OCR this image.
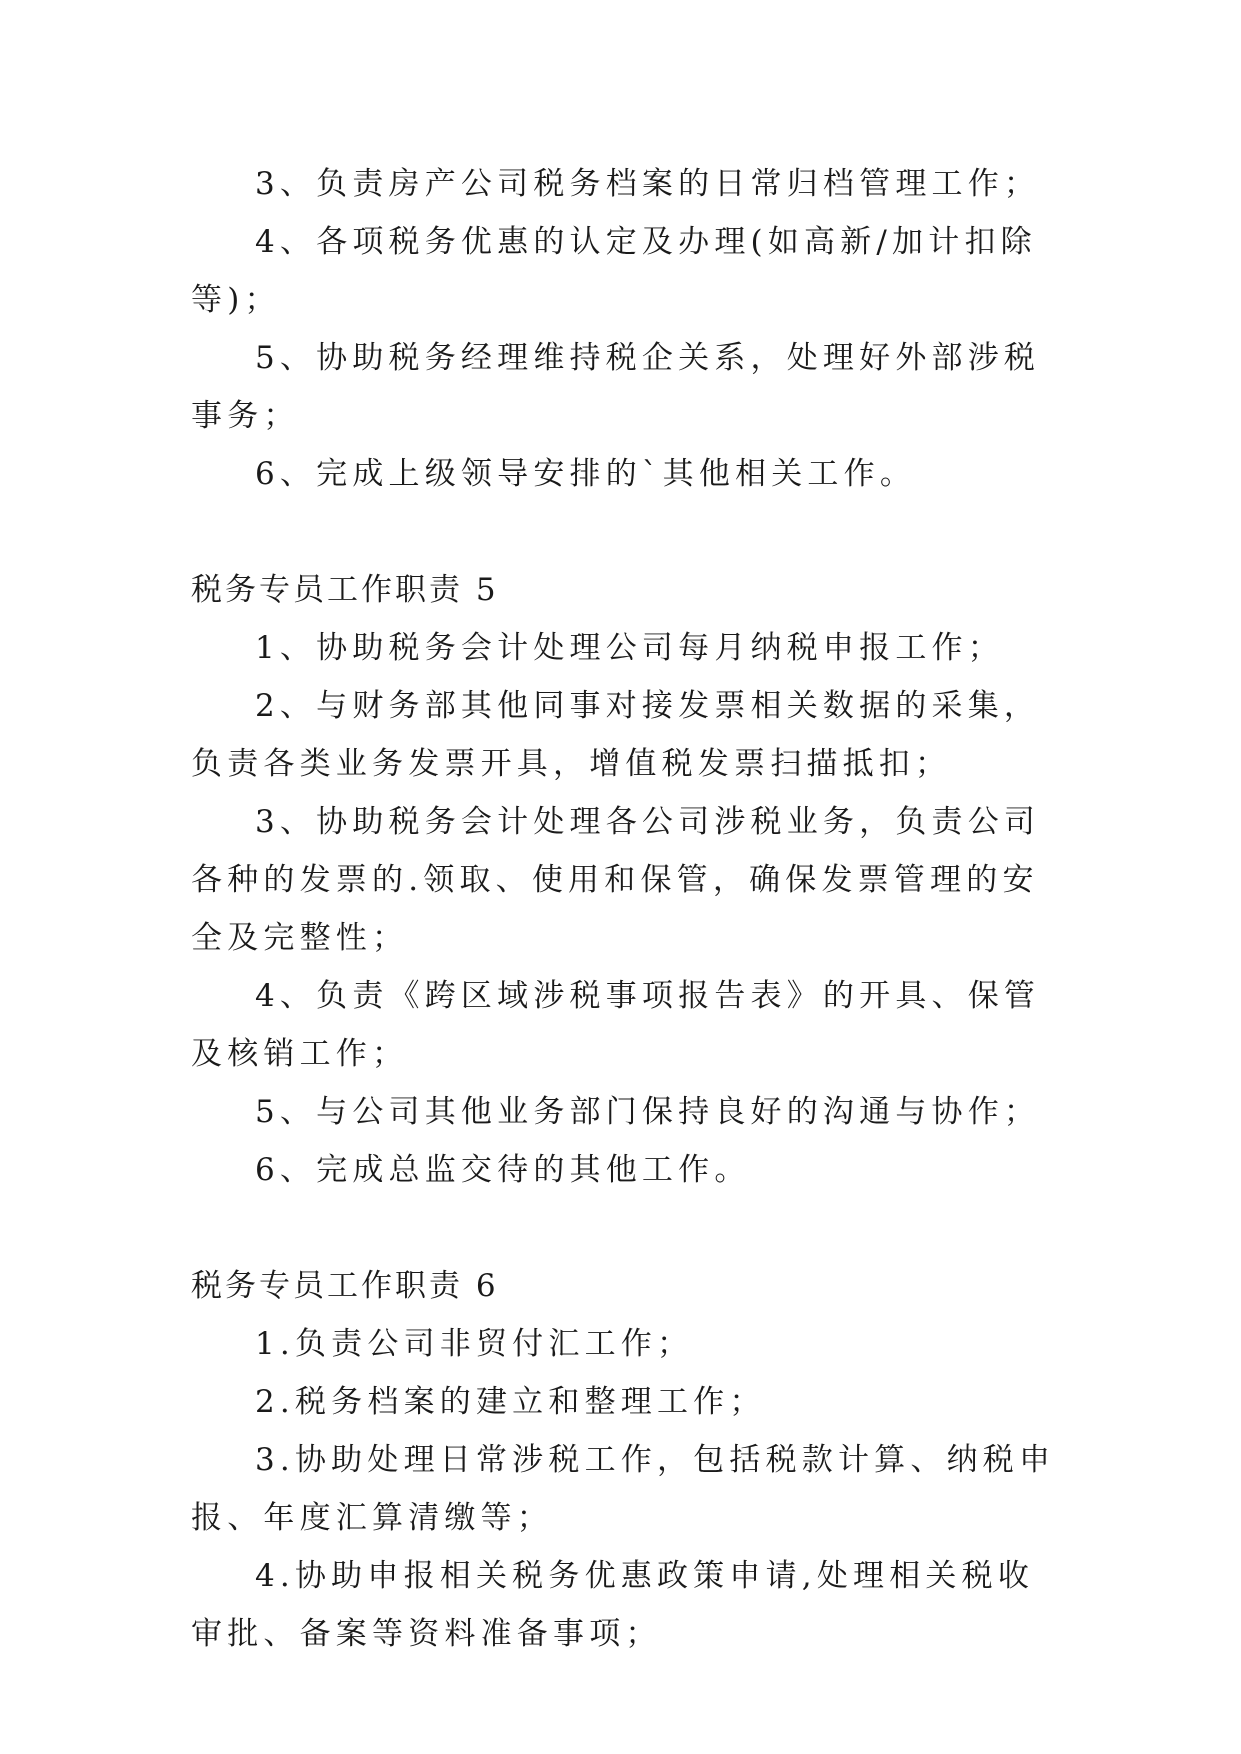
3、负责房产公司税务档案的日常归档管理工作；

4、各项税务优惠的认定及办理(如高新/加计扣除等)；

5、协助税务经理维持税企关系，处理好外部涉税事务；

6、完成上级领导安排的`其他相关工作。

税务专员工作职责 5

1、协助税务会计处理公司每月纳税申报工作；

2、与财务部其他同事对接发票相关数据的采集，负责各类业务发票开具，增值税发票扫描抵扣；

3、协助税务会计处理各公司涉税业务，负责公司各种的发票的.领取、使用和保管，确保发票管理的安全及完整性；

4、负责《跨区域涉税事项报告表》的开具、保管及核销工作；

5、与公司其他业务部门保持良好的沟通与协作；

6、完成总监交待的其他工作。

税务专员工作职责 6

1.负责公司非贸付汇工作；

2.税务档案的建立和整理工作；

3.协助处理日常涉税工作，包括税款计算、纳税申报、年度汇算清缴等；

4.协助申报相关税务优惠政策申请,处理相关税收审批、备案等资料准备事项；
